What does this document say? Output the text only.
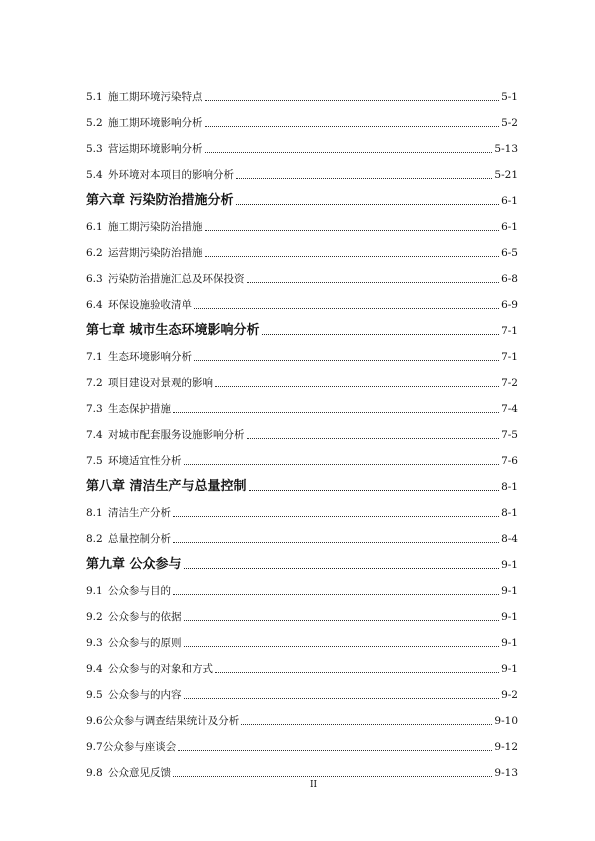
5.1 施工期环境污染特点	5-1
5.2 施工期环境影响分析	5-2
5.3 营运期环境影响分析	5-13
5.4 外环境对本项目的影响分析	5-21
第六章 污染防治措施分析	6-1
6.1 施工期污染防治措施	6-1
6.2 运营期污染防治措施	6-5
6.3 污染防治措施汇总及环保投资	6-8
6.4 环保设施验收清单	6-9
第七章 城市生态环境影响分析	7-1
7.1 生态环境影响分析	7-1
7.2 项目建设对景观的影响	7-2
7.3 生态保护措施	7-4
7.4 对城市配套服务设施影响分析	7-5
7.5 环境适宜性分析	7-6
第八章 清洁生产与总量控制	8-1
8.1 清洁生产分析	8-1
8.2 总量控制分析	8-4
第九章 公众参与	9-1
9.1 公众参与目的	9-1
9.2 公众参与的依据	9-1
9.3 公众参与的原则	9-1
9.4 公众参与的对象和方式	9-1
9.5 公众参与的内容	9-2
9.6公众参与调查结果统计及分析	9-10
9.7公众参与座谈会	9-12
9.8 公众意见反馈	9-13
II
